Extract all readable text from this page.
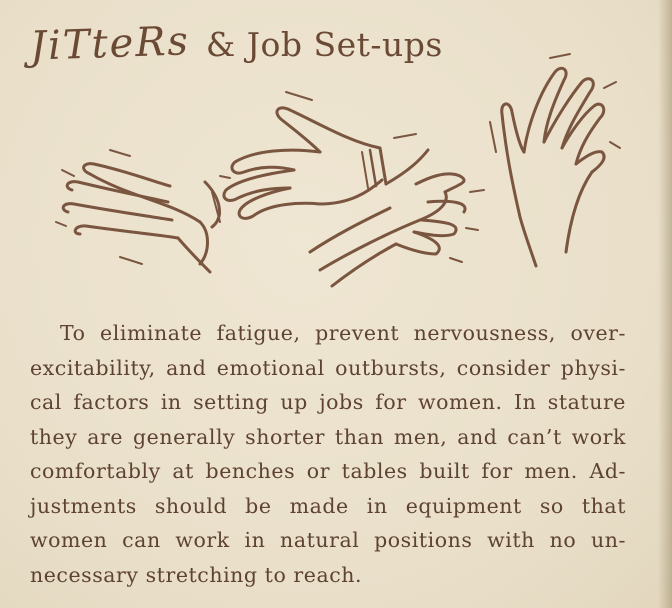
JiTteRs & Job Set-ups
To eliminate fatigue, prevent nervousness, over-
excitability, and emotional outbursts, consider physi-
cal factors in setting up jobs for women. In stature
they are generally shorter than men, and can’t work
comfortably at benches or tables built for men. Ad-
justments should be made in equipment so that
women can work in natural positions with no un-
necessary stretching to reach.
